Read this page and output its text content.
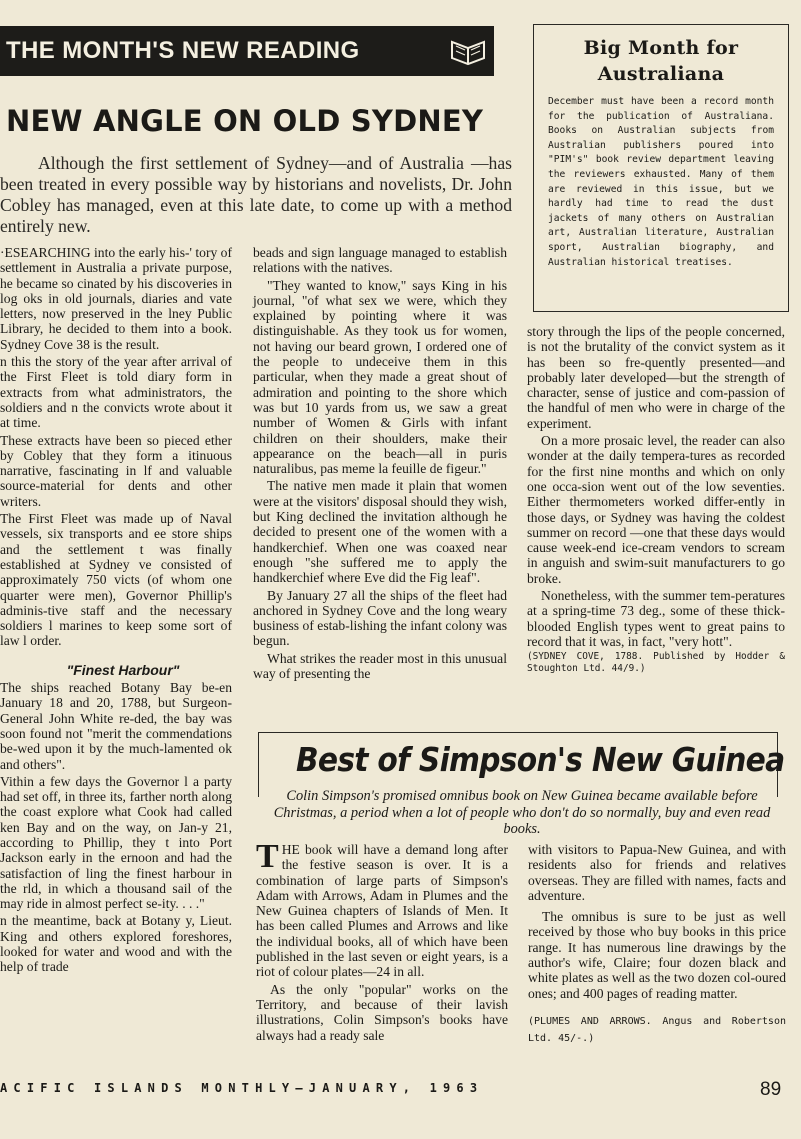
THE MONTH'S NEW READING	Big Month for Australiana

December must have been a record month for the publication of Australiana. Books on Australian subjects from Australian publishers poured into "PIM's" book review department leaving the reviewers exhausted. Many of them are reviewed in this issue, but we hardly had time to read the dust jackets of many others on Australian art, Australian literature, Australian sport, Australian biography, and Australian historical treatises.

NEW ANGLE ON OLD SYDNEY

Although the first settlement of Sydney—and of Australia —has been treated in every possible way by historians and novelists, Dr. John Cobley has managed, even at this late date, to come up with a method entirely new.

·ESEARCHING into the early his-' tory of settlement in Australia a private purpose, he became so cinated by his discoveries in log oks in old journals, diaries and vate letters, now preserved in the lney Public Library, he decided to them into a book. Sydney Cove 38 is the result.

n this the story of the year after arrival of the First Fleet is told diary form in extracts from what administrators, the soldiers and n the convicts wrote about it at time.

These extracts have been so pieced ether by Cobley that they form a itinuous narrative, fascinating in lf and valuable source-material for dents and other writers.

The First Fleet was made up of Naval vessels, six transports and ee store ships and the settlement t was finally established at Sydney ve consisted of approximately 750 victs (of whom one quarter were men), Governor Phillip's adminis-tive staff and the necessary soldiers l marines to keep some sort of law l order.

"Finest Harbour"

The ships reached Botany Bay be-en January 18 and 20, 1788, but Surgeon-General John White re-ded, the bay was soon found not "merit the commendations be-wed upon it by the much-lamented ok and others".

Vithin a few days the Governor l a party had set off, in three its, farther north along the coast explore what Cook had called ken Bay and on the way, on Jan-y 21, according to Phillip, they t into Port Jackson early in the ernoon and had the satisfaction of ling the finest harbour in the rld, in which a thousand sail of the may ride in almost perfect se-ity. . . ."

n the meantime, back at Botany y, Lieut. King and others explored foreshores, looked for water and wood and with the help of trade

beads and sign language managed to establish relations with the natives.

"They wanted to know," says King in his journal, "of what sex we were, which they explained by pointing where it was distinguishable. As they took us for women, not having our beard grown, I ordered one of the people to undeceive them in this particular, when they made a great shout of admiration and pointing to the shore which was but 10 yards from us, we saw a great number of Women & Girls with infant children on their shoulders, make their appearance on the beach—all in puris naturalibus, pas meme la feuille de figeur."

The native men made it plain that women were at the visitors' disposal should they wish, but King declined the invitation although he decided to present one of the women with a handkerchief. When one was coaxed near enough "she suffered me to apply the handkerchief where Eve did the Fig leaf".

By January 27 all the ships of the fleet had anchored in Sydney Cove and the long weary business of estab-lishing the infant colony was begun.

What strikes the reader most in this unusual way of presenting the

story through the lips of the people concerned, is not the brutality of the convict system as it has been so fre-quently presented—and probably later developed—but the strength of character, sense of justice and com-passion of the handful of men who were in charge of the experiment.

On a more prosaic level, the reader can also wonder at the daily tempera-tures as recorded for the first nine months and which on only one occa-sion went out of the low seventies. Either thermometers worked differ-ently in those days, or Sydney was having the coldest summer on record —one that these days would cause week-end ice-cream vendors to scream in anguish and swim-suit manufacturers to go broke.

Nonetheless, with the summer tem-peratures at a spring-time 73 deg., some of these thick-blooded English types went to great pains to record that it was, in fact, "very hott".

(SYDNEY COVE, 1788. Published by Hodder & Stoughton Ltd. 44/9.)

Best of Simpson's New Guinea

Colin Simpson's promised omnibus book on New Guinea became available before Christmas, a period when a lot of people who don't do so normally, buy and even read books.

THE book will have a demand long after the festive season is over. It is a combination of large parts of Simpson's Adam with Arrows, Adam in Plumes and the New Guinea chapters of Islands of Men. It has been called Plumes and Arrows and like the individual books, all of which have been published in the last seven or eight years, is a riot of colour plates—24 in all.

As the only "popular" works on the Territory, and because of their lavish illustrations, Colin Simpson's books have always had a ready sale

with visitors to Papua-New Guinea, and with residents also for friends and relatives overseas. They are filled with names, facts and adventure.

The omnibus is sure to be just as well received by those who buy books in this price range. It has numerous line drawings by the author's wife, Claire; four dozen black and white plates as well as the two dozen col-oured ones; and 400 pages of reading matter.

(PLUMES AND ARROWS. Angus and Robertson Ltd. 45/-.)

ACIFIC ISLANDS MONTHLY—JANUARY, 1963	89
